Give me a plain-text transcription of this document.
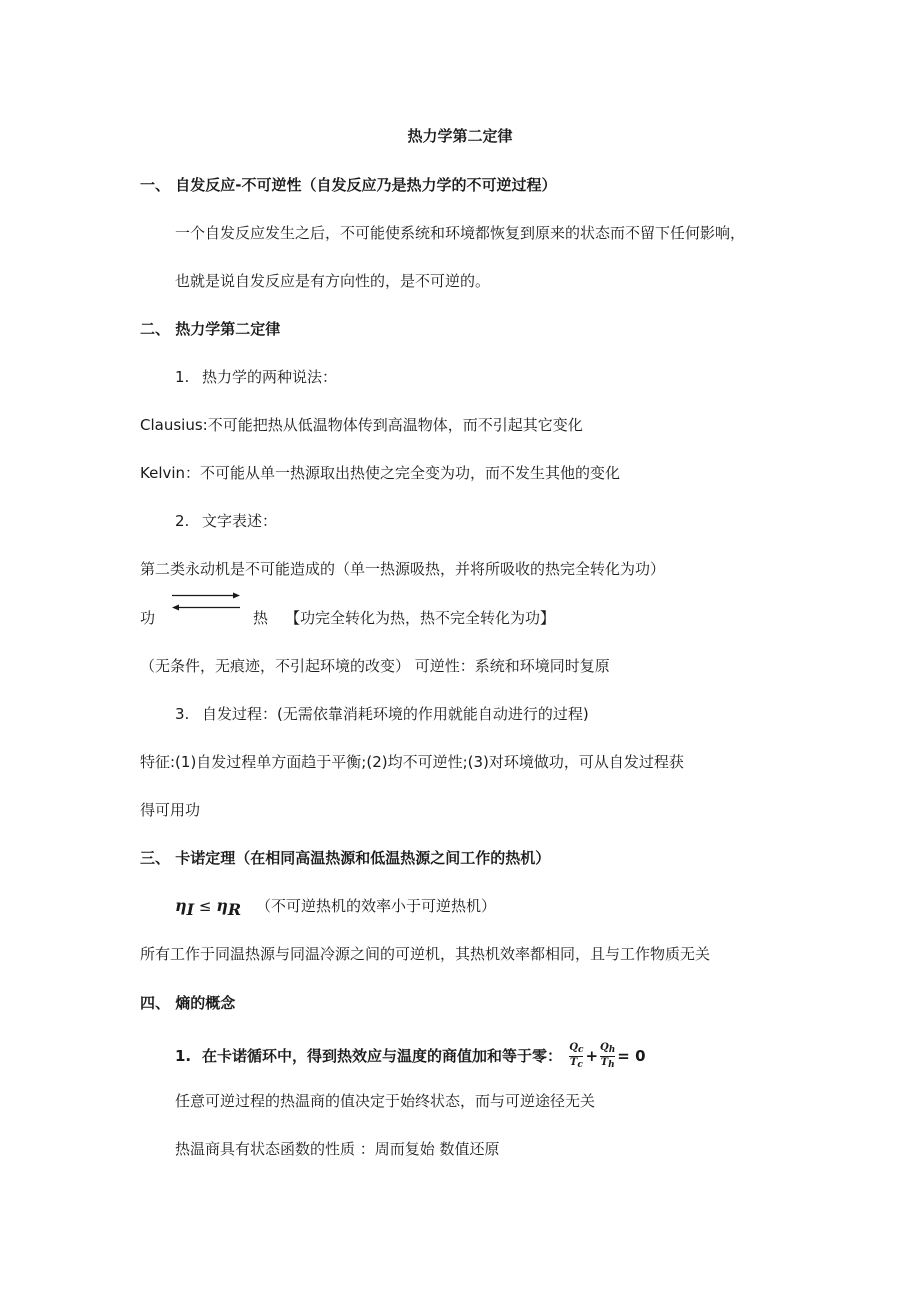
热力学第二定律
一、 自发反应-不可逆性（自发反应乃是热力学的不可逆过程）
一个自发反应发生之后，不可能使系统和环境都恢复到原来的状态而不留下任何影响，
也就是说自发反应是有方向性的，是不可逆的。
二、 热力学第二定律
1. 热力学的两种说法：
Clausius:不可能把热从低温物体传到高温物体，而不引起其它变化
Kelvin：不可能从单一热源取出热使之完全变为功，而不发生其他的变化
2. 文字表述：
第二类永动机是不可能造成的（单一热源吸热，并将所吸收的热完全转化为功）
功	热 【功完全转化为热，热不完全转化为功】
（无条件，无痕迹，不引起环境的改变） 可逆性：系统和环境同时复原
3. 自发过程：(无需依靠消耗环境的作用就能自动进行的过程)
特征:(1)自发过程单方面趋于平衡;(2)均不可逆性;(3)对环境做功，可从自发过程获
得可用功
三、 卡诺定理（在相同高温热源和低温热源之间工作的热机）
$\eta_I \le \eta_R$ （不可逆热机的效率小于可逆热机）
所有工作于同温热源与同温冷源之间的可逆机，其热机效率都相同，且与工作物质无关
四、 熵的概念
1. 在卡诺循环中，得到热效应与温度的商值加和等于零： $\frac{Q_c}{T_c} + \frac{Q_h}{T_h} = 0$
任意可逆过程的热温商的值决定于始终状态，而与可逆途径无关
热温商具有状态函数的性质 ：周而复始 数值还原
